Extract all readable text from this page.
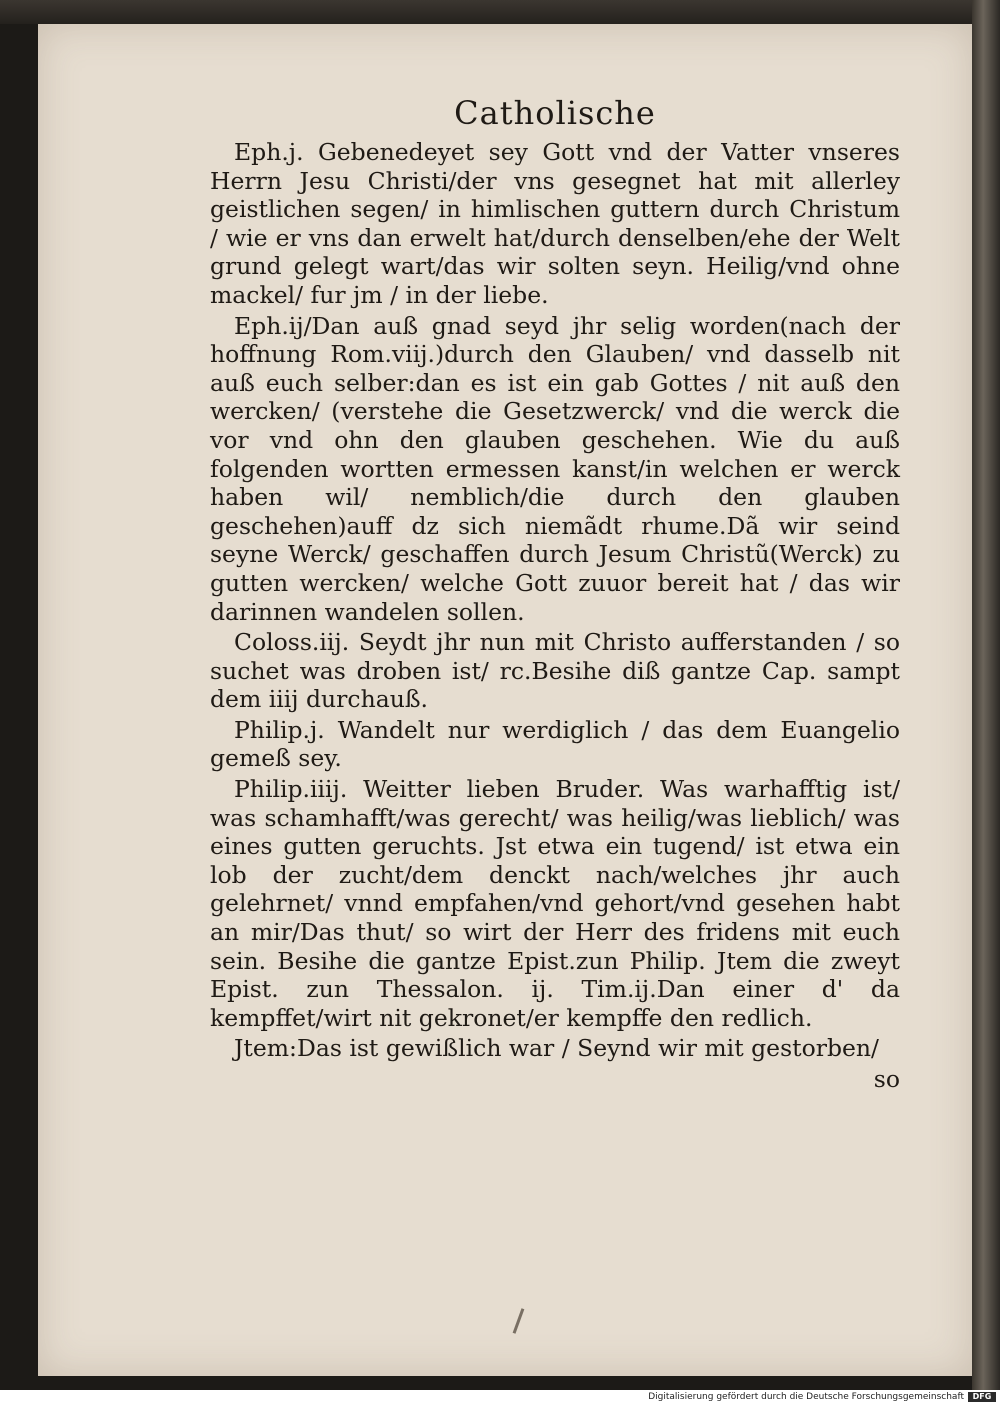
Catholische

Eph.j. Gebenedeyet sey Gott vnd der Vatter vnseres Herrn Jesu Christi/der vns gesegnet hat mit allerley geistlichen segen/ in himlischen guttern durch Christum / wie er vns dan erwelt hat/durch denselben/ehe der Welt grund gelegt wart/das wir solten seyn. Heilig/vnd ohne mackel/ fur jm / in der liebe.

Eph.ij/Dan auß gnad seyd jhr selig worden(nach der hoffnung Rom.viij.)durch den Glauben/ vnd dasselb nit auß euch selber:dan es ist ein gab Gottes / nit auß den wercken/ (verstehe die Gesetzwerck/ vnd die werck die vor vnd ohn den glauben geschehen. Wie du auß folgenden wortten ermessen kanst/in welchen er werck haben wil/ nemblich/die durch den glauben geschehen)auff dz sich niemãdt rhume.Dã wir seind seyne Werck/ geschaffen durch Jesum Christũ(Werck) zu gutten wercken/ welche Gott zuuor bereit hat / das wir darinnen wandelen sollen.

Coloss.iij. Seydt jhr nun mit Christo aufferstanden / so suchet was droben ist/ rc.Besihe diß gantze Cap. sampt dem iiij durchauß.

Philip.j. Wandelt nur werdiglich / das dem Euangelio gemeß sey.

Philip.iiij. Weitter lieben Bruder. Was warhafftig ist/ was schamhafft/was gerecht/ was heilig/was lieblich/ was eines gutten geruchts. Jst etwa ein tugend/ ist etwa ein lob der zucht/dem denckt nach/welches jhr auch gelehrnet/ vnnd empfahen/vnd gehort/vnd gesehen habt an mir/Das thut/ so wirt der Herr des fridens mit euch sein. Besihe die gantze Epist.zun Philip. Jtem die zweyt Epist. zun Thessalon. ij. Tim.ij.Dan einer d' da kempffet/wirt nit gekronet/er kempffe den redlich.

Jtem:Das ist gewißlich war / Seynd wir mit gestorben/

so
Digitalisierung gefördert durch die Deutsche Forschungsgemeinschaft	DFG
